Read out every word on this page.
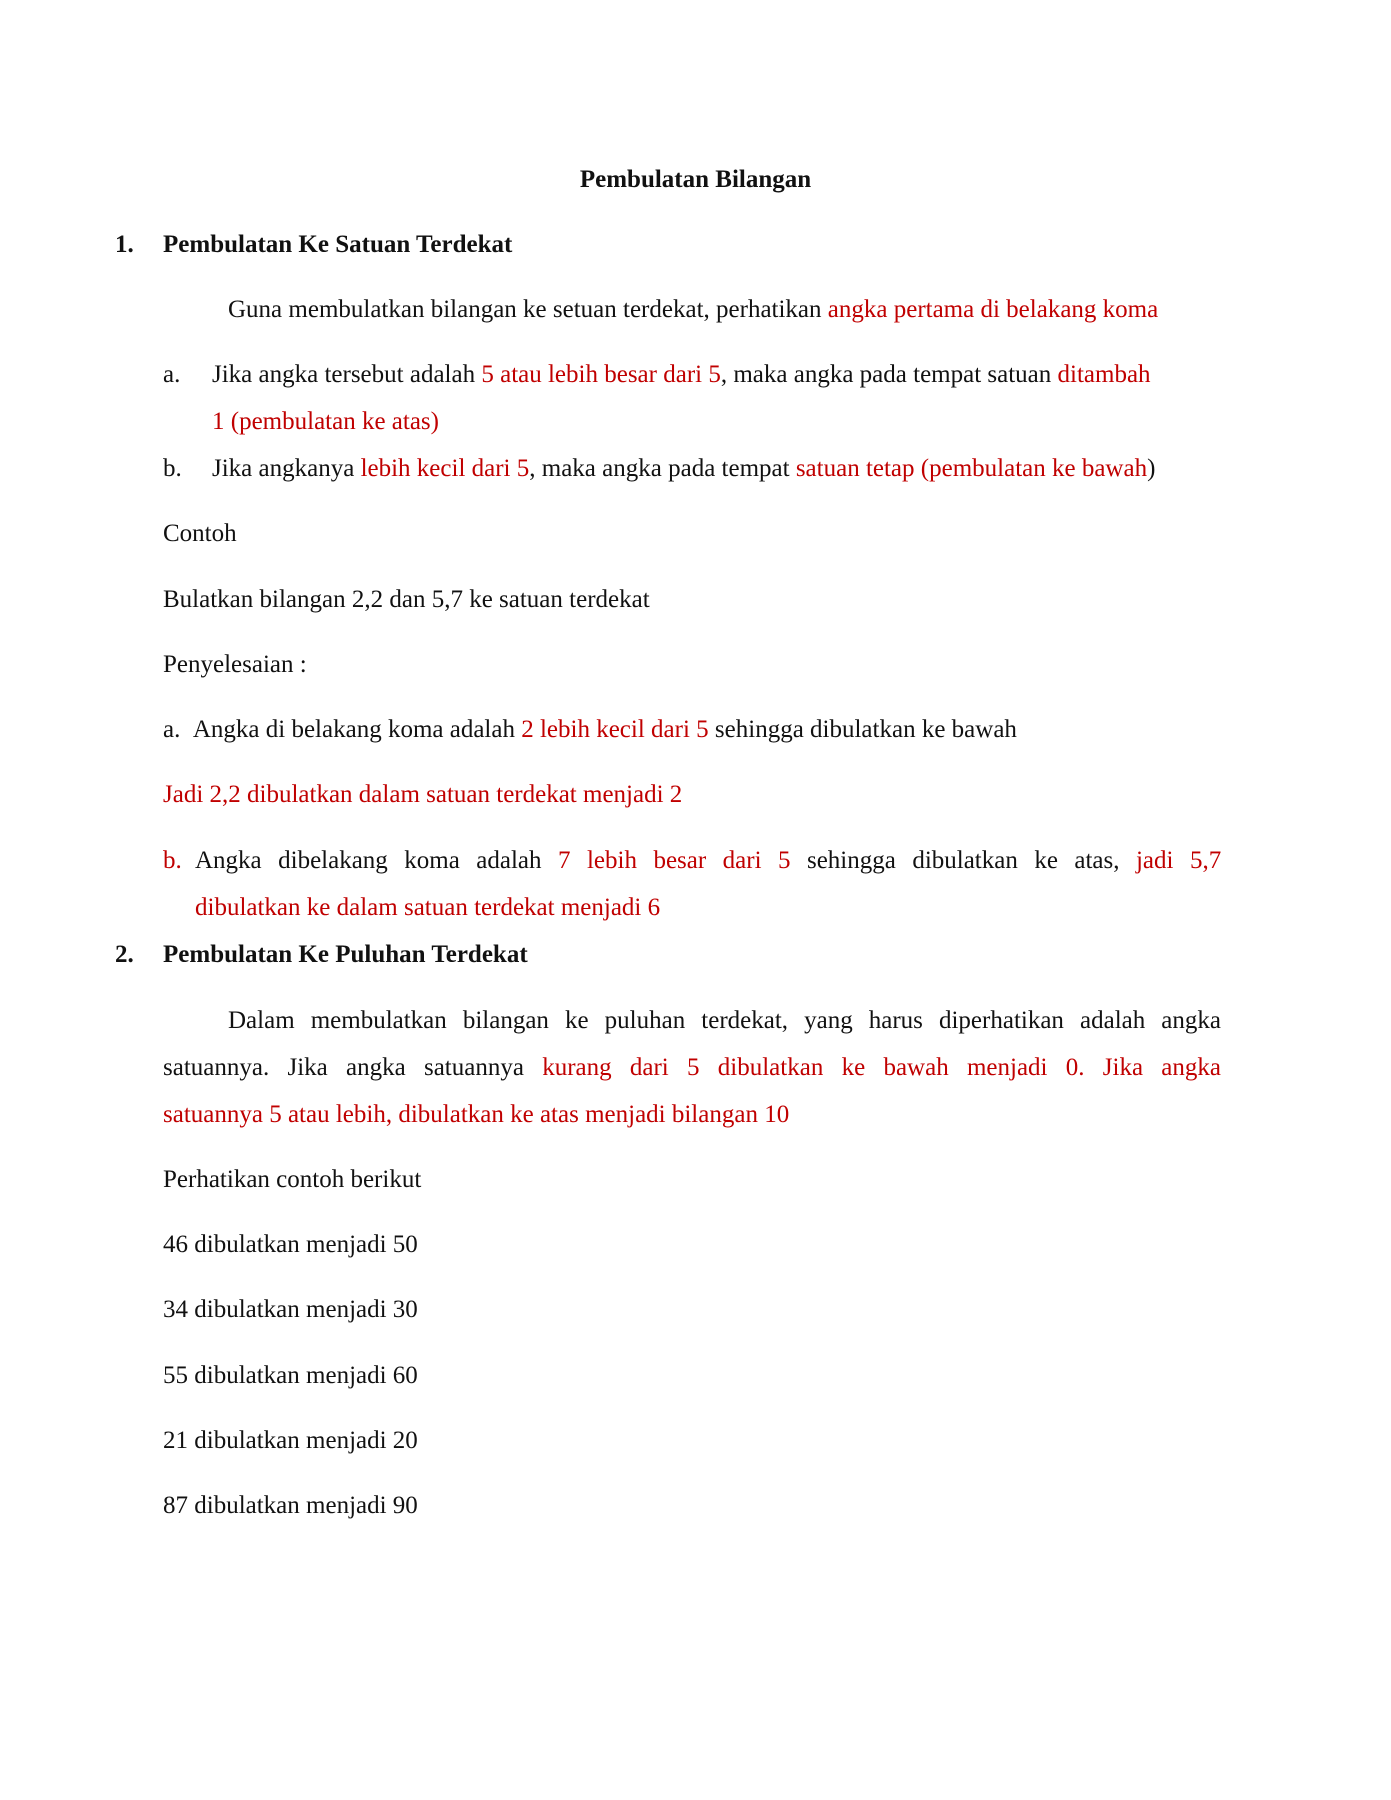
Pembulatan Bilangan
1. Pembulatan Ke Satuan Terdekat
Guna membulatkan bilangan ke setuan terdekat, perhatikan angka pertama di belakang koma
a.	Jika angka tersebut adalah 5 atau lebih besar dari 5, maka angka pada tempat satuan ditambah
1 (pembulatan ke atas)
b.	Jika angkanya lebih kecil dari 5, maka angka pada tempat satuan tetap (pembulatan ke bawah)
Contoh
Bulatkan bilangan 2,2 dan 5,7 ke satuan terdekat
Penyelesaian :
a. Angka di belakang koma adalah 2 lebih kecil dari 5 sehingga dibulatkan ke bawah
Jadi 2,2 dibulatkan dalam satuan terdekat menjadi 2
b. Angka dibelakang koma adalah 7 lebih besar dari 5 sehingga dibulatkan ke atas, jadi 5,7
dibulatkan ke dalam satuan terdekat menjadi 6
2. Pembulatan Ke Puluhan Terdekat
Dalam membulatkan bilangan ke puluhan terdekat, yang harus diperhatikan adalah angka
satuannya. Jika angka satuannya kurang dari 5 dibulatkan ke bawah menjadi 0. Jika angka
satuannya 5 atau lebih, dibulatkan ke atas menjadi bilangan 10
Perhatikan contoh berikut
46 dibulatkan menjadi 50
34 dibulatkan menjadi 30
55 dibulatkan menjadi 60
21 dibulatkan menjadi 20
87 dibulatkan menjadi 90
